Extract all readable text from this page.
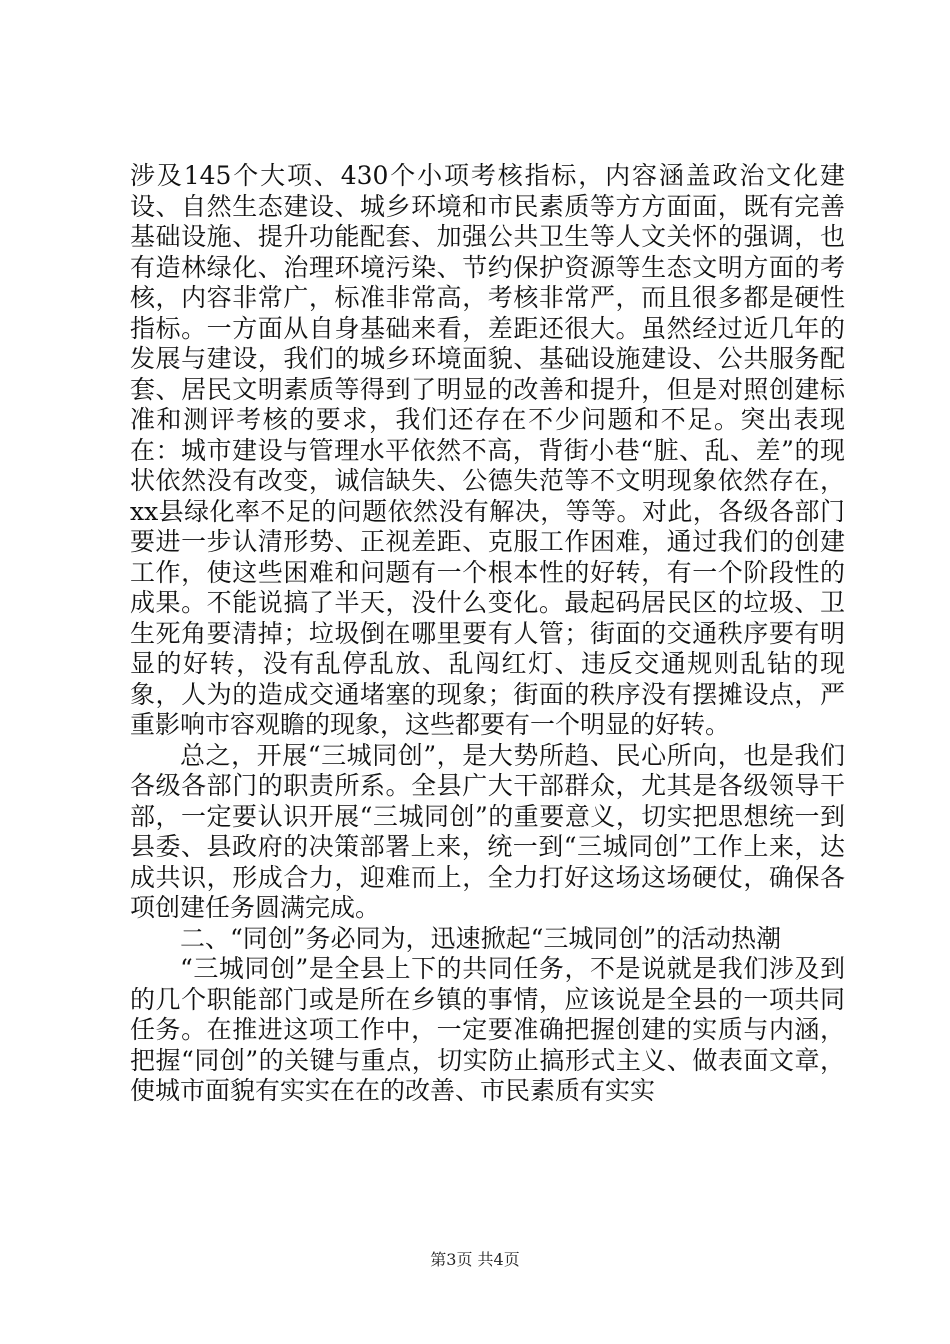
涉及145个大项、430个小项考核指标，内容涵盖政治文化建设、自然生态建设、城乡环境和市民素质等方方面面，既有完善基础设施、提升功能配套、加强公共卫生等人文关怀的强调，也有造林绿化、治理环境污染、节约保护资源等生态文明方面的考核，内容非常广，标准非常高，考核非常严，而且很多都是硬性指标。一方面从自身基础来看，差距还很大。虽然经过近几年的发展与建设，我们的城乡环境面貌、基础设施建设、公共服务配套、居民文明素质等得到了明显的改善和提升，但是对照创建标准和测评考核的要求，我们还存在不少问题和不足。突出表现在：城市建设与管理水平依然不高，背街小巷“脏、乱、差”的现状依然没有改变，诚信缺失、公德失范等不文明现象依然存在，xx县绿化率不足的问题依然没有解决，等等。对此，各级各部门要进一步认清形势、正视差距、克服工作困难，通过我们的创建工作，使这些困难和问题有一个根本性的好转，有一个阶段性的成果。不能说搞了半天，没什么变化。最起码居民区的垃圾、卫生死角要清掉；垃圾倒在哪里要有人管；街面的交通秩序要有明显的好转，没有乱停乱放、乱闯红灯、违反交通规则乱钻的现象，人为的造成交通堵塞的现象；街面的秩序没有摆摊设点，严重影响市容观瞻的现象，这些都要有一个明显的好转。

总之，开展“三城同创”，是大势所趋、民心所向，也是我们各级各部门的职责所系。全县广大干部群众，尤其是各级领导干部，一定要认识开展“三城同创”的重要意义，切实把思想统一到县委、县政府的决策部署上来，统一到“三城同创”工作上来，达成共识，形成合力，迎难而上，全力打好这场这场硬仗，确保各项创建任务圆满完成。

二、“同创”务必同为，迅速掀起“三城同创”的活动热潮

“三城同创”是全县上下的共同任务，不是说就是我们涉及到的几个职能部门或是所在乡镇的事情，应该说是全县的一项共同任务。在推进这项工作中，一定要准确把握创建的实质与内涵，把握“同创”的关键与重点，切实防止搞形式主义、做表面文章，使城市面貌有实实在在的改善、市民素质有实实

第3页 共4页
